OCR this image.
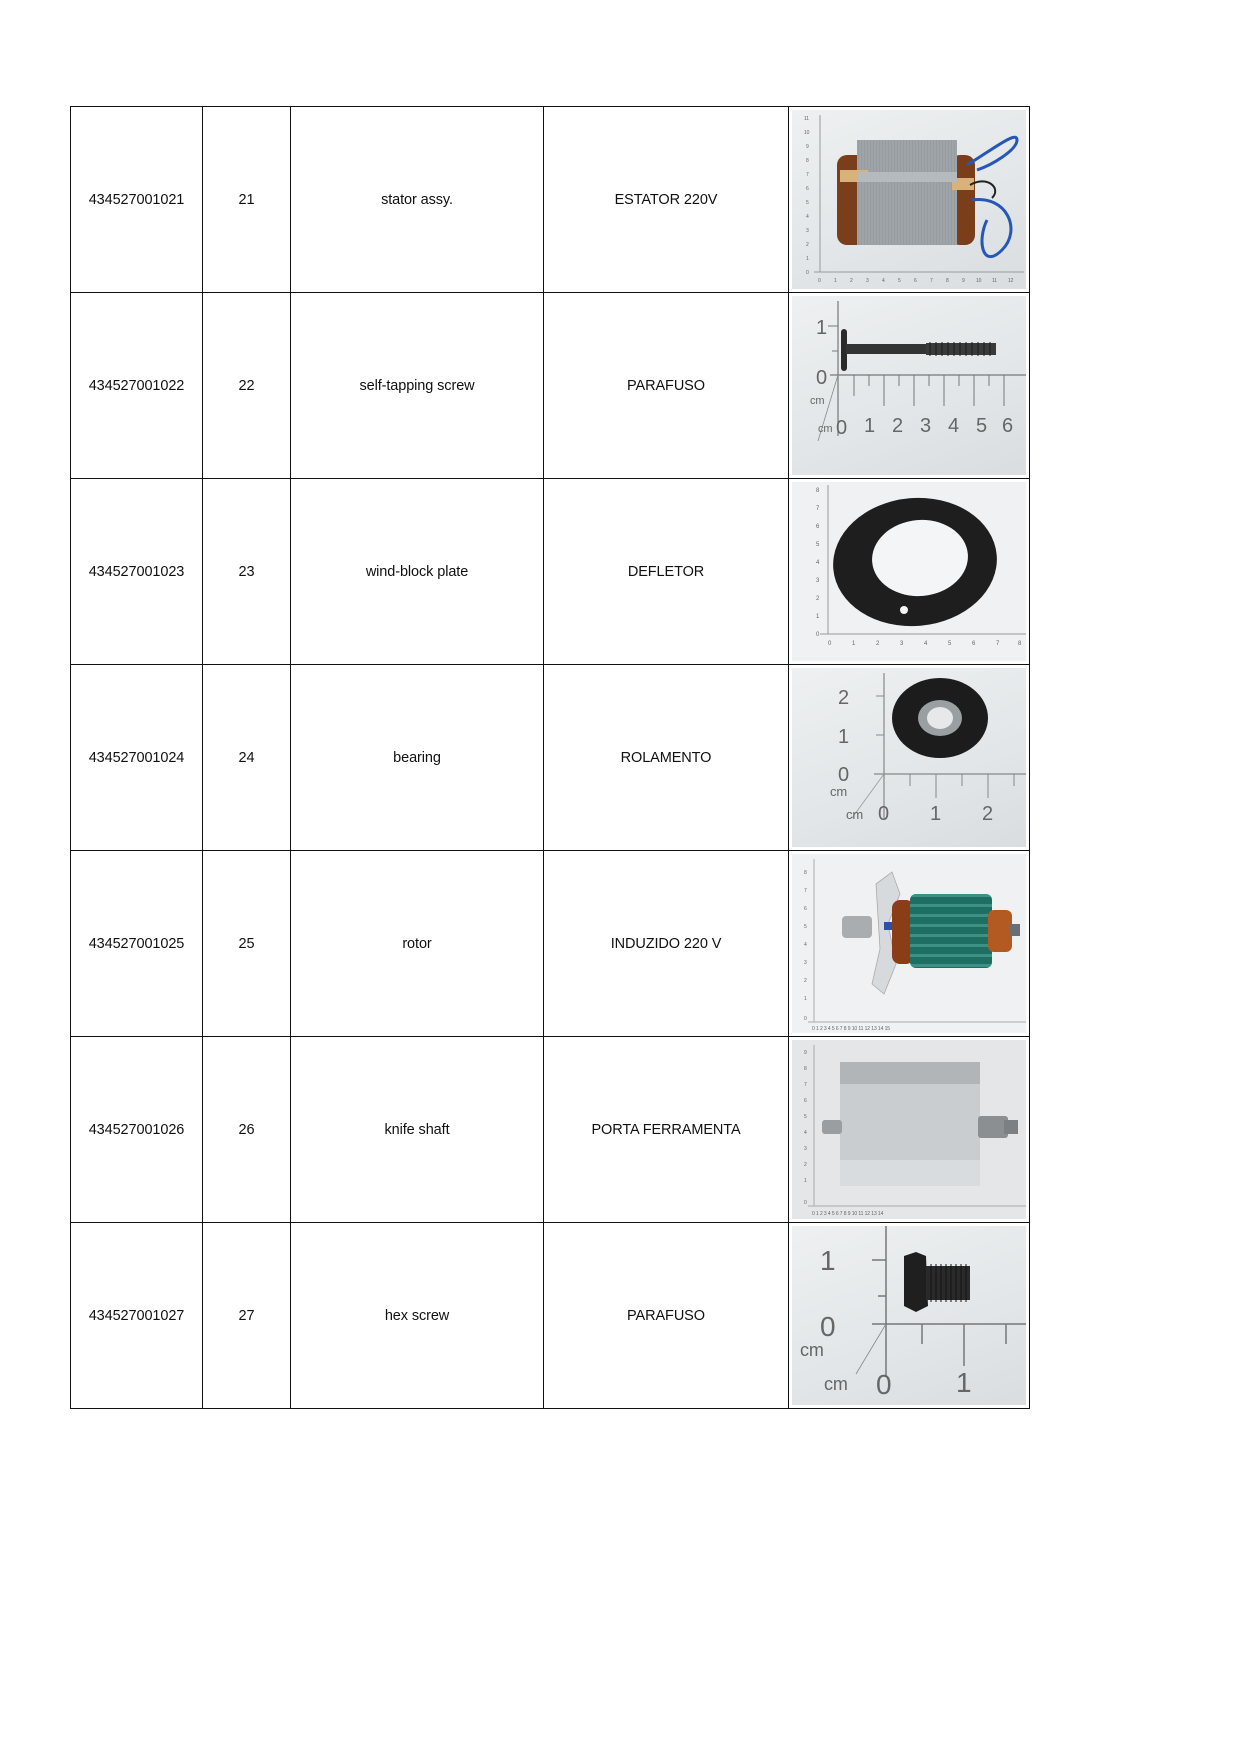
434527001021	21	stator assy.	ESTATOR 220V	
0
1
2
3
4
5
6
7
8
9
10
11
0	1	2	3	4	5	6	7	8	9 10 11 12

434527001022	22	self-tapping screw	PARAFUSO	
1
0
0 1 2 3 4 5 6
cm
cm

434527001023	23	wind-block plate	DEFLETOR	
0
1
2
3
4
5
6
7
8
0	1	2	3	4	5	6	7	8

434527001024	24	bearing	ROLAMENTO	
2
1
0
0 1 2
cm
cm

434527001025	25	rotor	INDUZIDO 220 V	
8
7
6
5
4
3
2
1
0
0 1 2 3 4 5 6 7 8 9 10 11 12 13 14 15

434527001026	26	knife shaft	PORTA FERRAMENTA	
9
8
7
6
5
4
3
2
1
0
0 1 2 3 4 5 6 7 8 9 10 11 12 13 14

434527001027	27	hex screw	PARAFUSO	
1
0
0 1
cm
cm
